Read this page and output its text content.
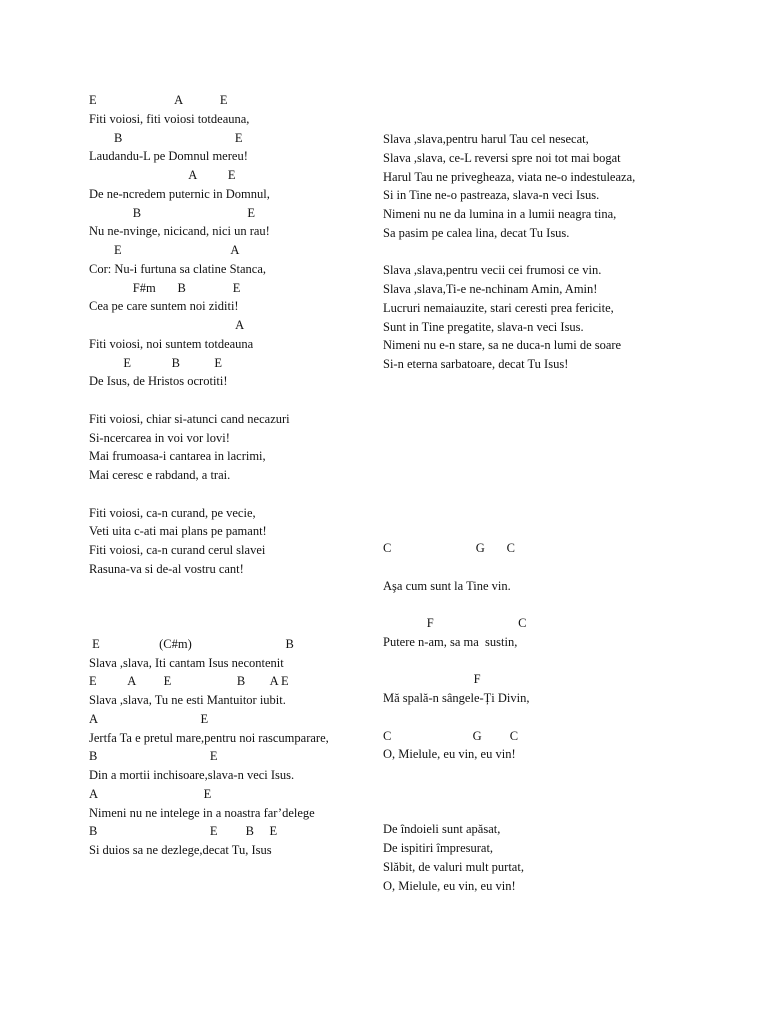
E                         A            E
Fiti voiosi, fiti voiosi totdeauna,
B                                    E
Laudandu-L pe Domnul mereu!
A          E
De ne-ncredem puternic in Domnul,
B                                  E
Nu ne-nvinge, nicicand, nici un rau!
E                                   A
Cor: Nu-i furtuna sa clatine Stanca,
F#m       B               E
Cea pe care suntem noi ziditi!
A
Fiti voiosi, noi suntem totdeauna
E             B           E
De Isus, de Hristos ocrotiti!
Fiti voiosi, chiar si-atunci cand necazuri
Si-ncercarea in voi vor lovi!
Mai frumoasa-i cantarea in lacrimi,
Mai ceresc e rabdand, a trai.
Fiti voiosi, ca-n curand, pe vecie,
Veti uita c-ati mai plans pe pamant!
Fiti voiosi, ca-n curand cerul slavei
Rasuna-va si de-al vostru cant!
E                   (C#m)                              B
Slava ,slava, Iti cantam Isus necontenit
E          A         E                     B        A E
Slava ,slava, Tu ne esti Mantuitor iubit.
A                                 E
Jertfa Ta e pretul mare,pentru noi rascumparare,
B                                    E
Din a mortii inchisoare,slava-n veci Isus.
A                                  E
Nimeni nu ne intelege in a noastra far’delege
B                                    E         B     E
Si duios sa ne dezlege,decat Tu, Isus
Slava ,slava,pentru harul Tau cel nesecat,
Slava ,slava, ce-L reversi spre noi tot mai bogat
Harul Tau ne privegheaza, viata ne-o indestuleaza,
Si in Tine ne-o pastreaza, slava-n veci Isus.
Nimeni nu ne da lumina in a lumii neagra tina,
Sa pasim pe calea lina, decat Tu Isus.
Slava ,slava,pentru vecii cei frumosi ce vin.
Slava ,slava,Ti-e ne-nchinam Amin, Amin!
Lucruri nemaiauzite, stari ceresti prea fericite,
Sunt in Tine pregatite, slava-n veci Isus.
Nimeni nu e-n stare, sa ne duca-n lumi de soare
Si-n eterna sarbatoare, decat Tu Isus!
C                           G       C
Aşa cum sunt la Tine vin.
F                           C
Putere n-am, sa ma  sustin,
F
Mă spală-n sângele-Ți Divin,
C                          G         C
O, Mielule, eu vin, eu vin!
De îndoieli sunt apăsat,
De ispitiri împresurat,
Slăbit, de valuri mult purtat,
O, Mielule, eu vin, eu vin!
